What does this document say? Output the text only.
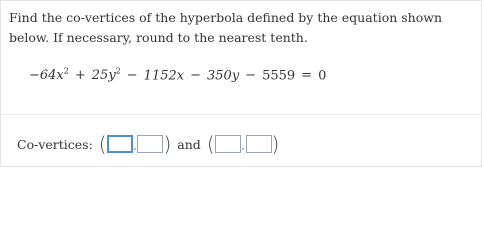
Find the co-vertices of the hyperbola defined by the equation shown below. If necessary, round to the nearest tenth.
$-64x^2 + 25y^2 - 1152x - 350y - 5559 = 0$
Co-vertices: (	, ) and (	, )
